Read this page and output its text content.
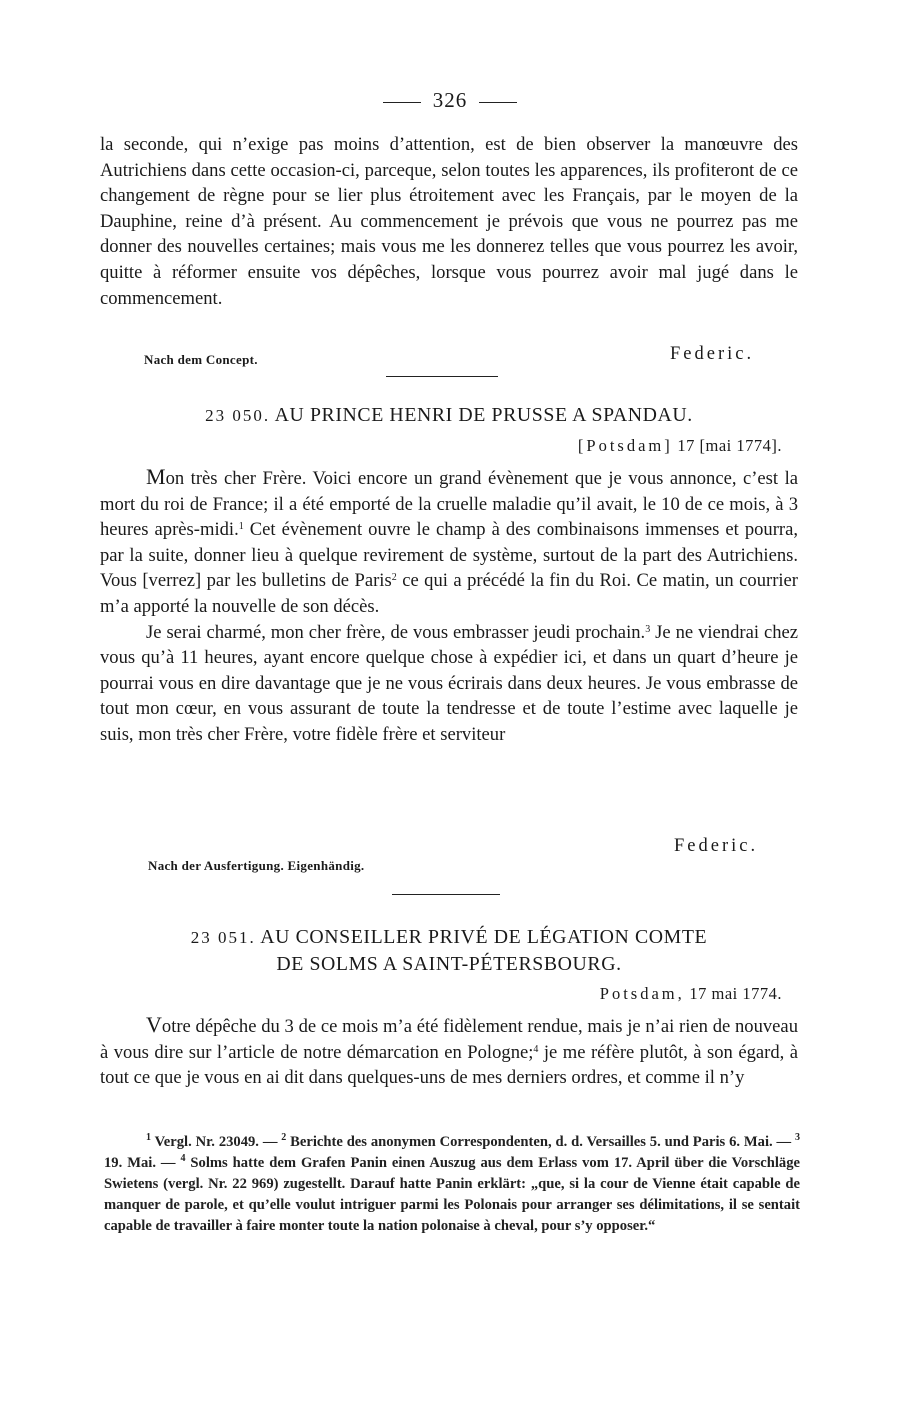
326

la seconde, qui n’exige pas moins d’attention, est de bien observer la manœuvre des Autrichiens dans cette occasion-ci, parceque, selon toutes les apparences, ils profiteront de ce changement de règne pour se lier plus étroitement avec les Français, par le moyen de la Dauphine, reine d’à présent. Au commencement je prévois que vous ne pourrez pas me donner des nouvelles certaines; mais vous me les donnerez telles que vous pourrez les avoir, quitte à réformer ensuite vos dépêches, lorsque vous pourrez avoir mal jugé dans le commencement.

Nach dem Concept.	Federic.
23 050. AU PRINCE HENRI DE PRUSSE A SPANDAU.
[Potsdam] 17 [mai 1774].

Mon très cher Frère. Voici encore un grand évènement que je vous annonce, c’est la mort du roi de France; il a été emporté de la cruelle maladie qu’il avait, le 10 de ce mois, à 3 heures après-midi.$^1$ Cet évènement ouvre le champ à des combinaisons immenses et pourra, par la suite, donner lieu à quelque revirement de système, surtout de la part des Autrichiens. Vous [verrez] par les bulletins de Paris$^2$ ce qui a précédé la fin du Roi. Ce matin, un courrier m’a apporté la nouvelle de son décès.

Je serai charmé, mon cher frère, de vous embrasser jeudi prochain.$^3$ Je ne viendrai chez vous qu’à 11 heures, ayant encore quelque chose à expédier ici, et dans un quart d’heure je pourrai vous en dire davantage que je ne vous écrirais dans deux heures. Je vous embrasse de tout mon cœur, en vous assurant de toute la tendresse et de toute l’estime avec laquelle je suis, mon très cher Frère, votre fidèle frère et serviteur

Federic.
Nach der Ausfertigung. Eigenhändig.
23 051. AU CONSEILLER PRIVÉ DE LÉGATION COMTE
DE SOLMS A SAINT-PÉTERSBOURG.
Potsdam, 17 mai 1774.

Votre dépêche du 3 de ce mois m’a été fidèlement rendue, mais je n’ai rien de nouveau à vous dire sur l’article de notre démarcation en Pologne;$^4$ je me réfère plutôt, à son égard, à tout ce que je vous en ai dit dans quelques-uns de mes derniers ordres, et comme il n’y

$^1$ Vergl. Nr. 23049. — $^2$ Berichte des anonymen Correspondenten, d. d. Versailles 5. und Paris 6. Mai. — $^3$ 19. Mai. — $^4$ Solms hatte dem Grafen Panin einen Auszug aus dem Erlass vom 17. April über die Vorschläge Swietens (vergl. Nr. 22 969) zugestellt. Darauf hatte Panin erklärt: „que, si la cour de Vienne était capable de manquer de parole, et qu’elle voulut intriguer parmi les Polonais pour arranger ses délimitations, il se sentait capable de travailler à faire monter toute la nation polonaise à cheval, pour s’y opposer.“
